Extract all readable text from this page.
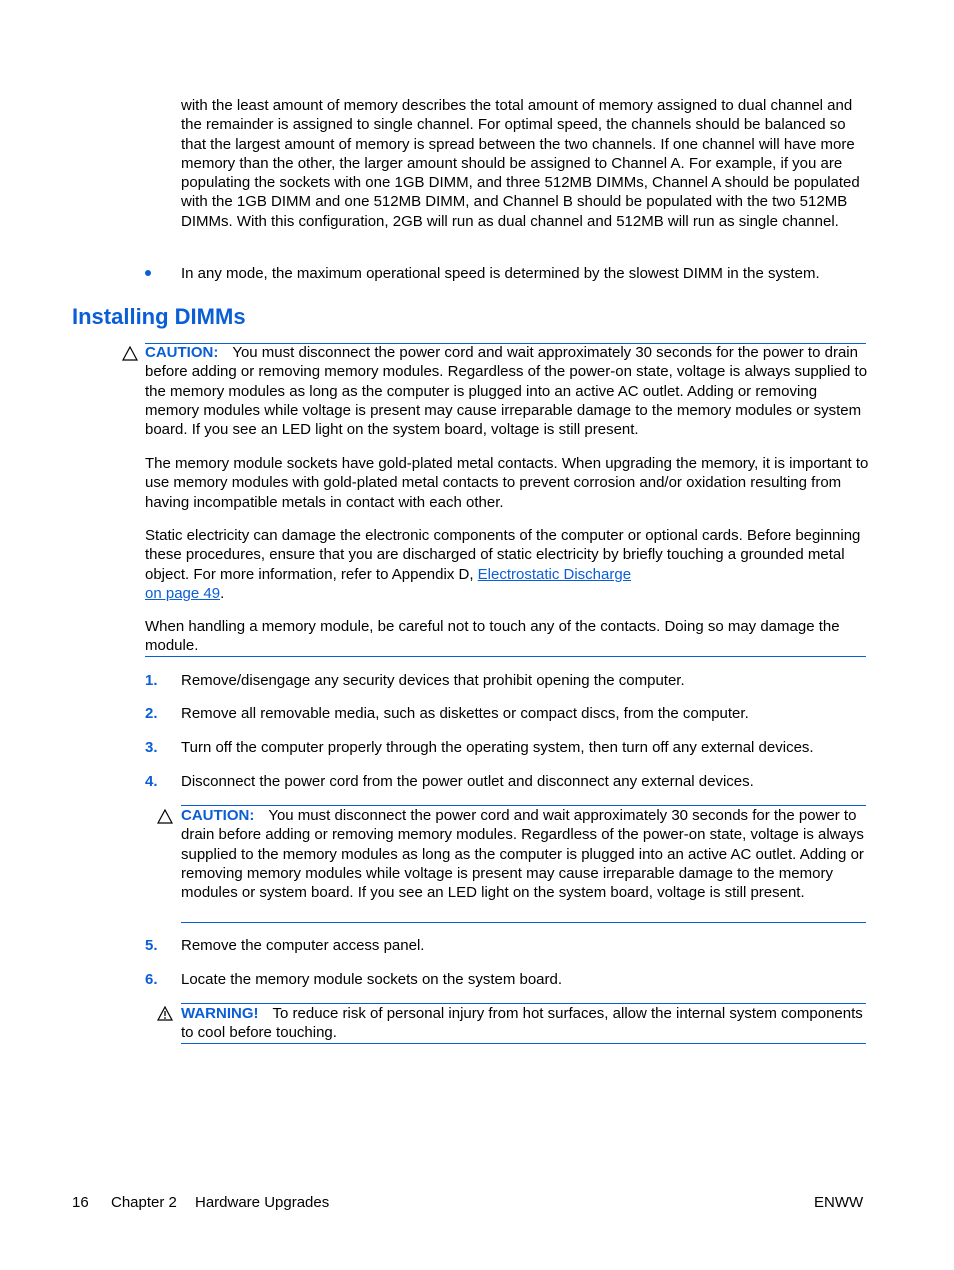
with the least amount of memory describes the total amount of memory assigned to dual channel and the remainder is assigned to single channel. For optimal speed, the channels should be balanced so that the largest amount of memory is spread between the two channels. If one channel will have more memory than the other, the larger amount should be assigned to Channel A. For example, if you are populating the sockets with one 1GB DIMM, and three 512MB DIMMs, Channel A should be populated with the 1GB DIMM and one 512MB DIMM, and Channel B should be populated with the two 512MB DIMMs. With this configuration, 2GB will run as dual channel and 512MB will run as single channel.

In any mode, the maximum operational speed is determined by the slowest DIMM in the system.

Installing DIMMs

CAUTION: You must disconnect the power cord and wait approximately 30 seconds for the power to drain before adding or removing memory modules. Regardless of the power-on state, voltage is always supplied to the memory modules as long as the computer is plugged into an active AC outlet. Adding or removing memory modules while voltage is present may cause irreparable damage to the memory modules or system board. If you see an LED light on the system board, voltage is still present.

The memory module sockets have gold-plated metal contacts. When upgrading the memory, it is important to use memory modules with gold-plated metal contacts to prevent corrosion and/or oxidation resulting from having incompatible metals in contact with each other.

Static electricity can damage the electronic components of the computer or optional cards. Before beginning these procedures, ensure that you are discharged of static electricity by briefly touching a grounded metal object. For more information, refer to Appendix D, Electrostatic Discharge
on page 49.

When handling a memory module, be careful not to touch any of the contacts. Doing so may damage the module.

1. Remove/disengage any security devices that prohibit opening the computer.
2. Remove all removable media, such as diskettes or compact discs, from the computer.
3. Turn off the computer properly through the operating system, then turn off any external devices.
4. Disconnect the power cord from the power outlet and disconnect any external devices.

CAUTION: You must disconnect the power cord and wait approximately 30 seconds for the power to drain before adding or removing memory modules. Regardless of the power-on state, voltage is always supplied to the memory modules as long as the computer is plugged into an active AC outlet. Adding or removing memory modules while voltage is present may cause irreparable damage to the memory modules or system board. If you see an LED light on the system board, voltage is still present.

5. Remove the computer access panel.
6. Locate the memory module sockets on the system board.

WARNING! To reduce risk of personal injury from hot surfaces, allow the internal system components to cool before touching.

16 Chapter 2 Hardware Upgrades	ENWW
